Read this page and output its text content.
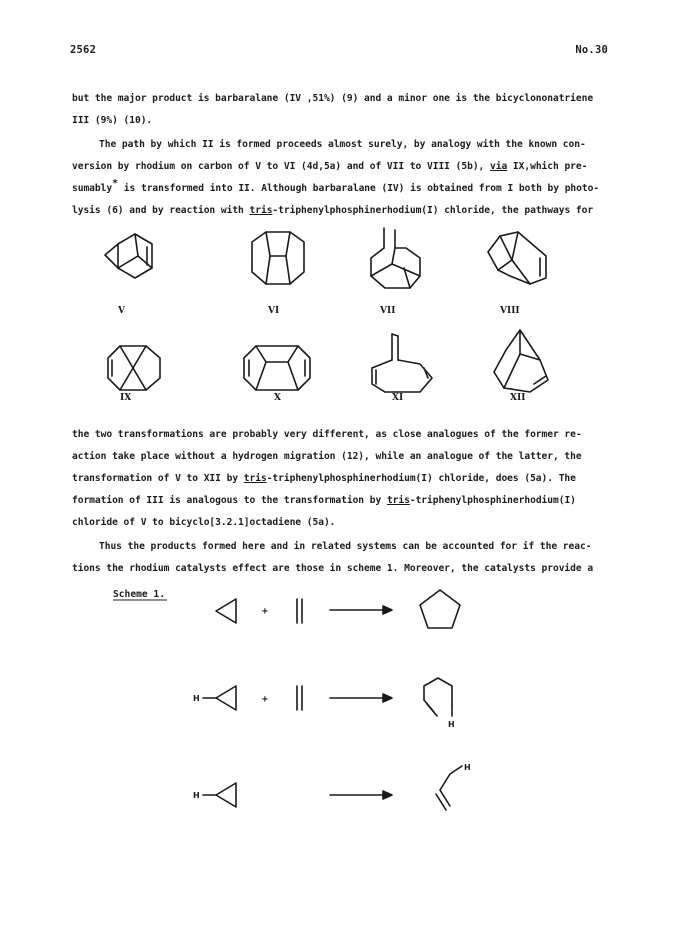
2562	No.30
but the major product is barbaralane (IV ,51%) (9) and a minor one is the bicyclononatriene
III (9%) (10).
The path by which II is formed proceeds almost surely, by analogy with the known con-
version by rhodium on carbon of V to VI (4d,5a) and of VII to VIII (5b), via IX,which pre-
sumably* is transformed into II. Although barbaralane (IV) is obtained from I both by photo-
lysis (6) and by reaction with tris-triphenylphosphinerhodium(I) chloride, the pathways for
the two transformations are probably very different, as close analogues of the former re-
action take place without a hydrogen migration (12), while an analogue of the latter, the
transformation of V to XII by tris-triphenylphosphinerhodium(I) chloride, does (5a). The
formation of III is analogous to the transformation by tris-triphenylphosphinerhodium(I)
chloride of V to bicyclo[3.2.1]octadiene (5a).
Thus the products formed here and in related systems can be accounted for if the reac-
tions the rhodium catalysts effect are those in scheme 1. Moreover, the catalysts provide a
V	VI	VII	VIII
IX	X	XI	XII
Scheme 1.
+
H	+
H
H
H
